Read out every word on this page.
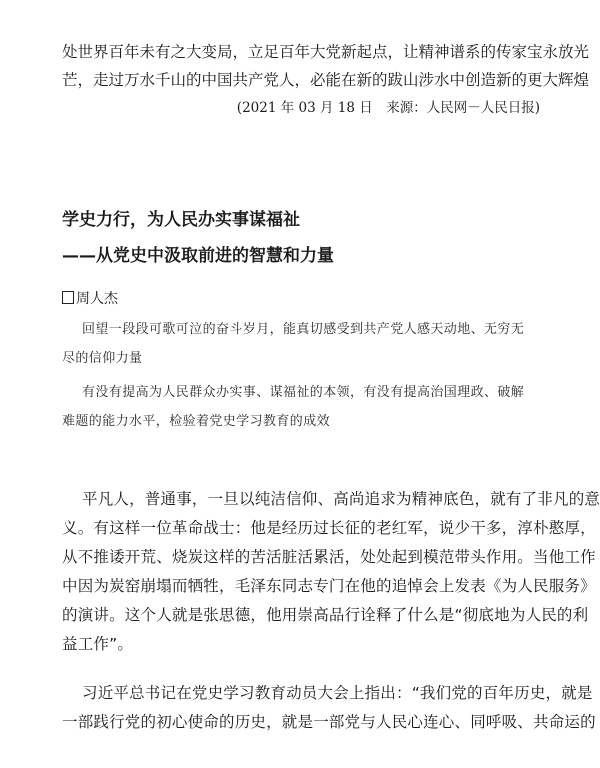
处世界百年未有之大变局，立足百年大党新起点，让精神谱系的传家宝永放光
芒，走过万水千山的中国共产党人，必能在新的跋山涉水中创造新的更大辉煌
(2021 年 03 月 18 日　来源：人民网－人民日报)
学史力行，为人民办实事谋福祉
——从党史中汲取前进的智慧和力量
周人杰
回望一段段可歌可泣的奋斗岁月，能真切感受到共产党人感天动地、无穷无
尽的信仰力量
有没有提高为人民群众办实事、谋福祉的本领，有没有提高治国理政、破解
难题的能力水平，检验着党史学习教育的成效
平凡人，普通事，一旦以纯洁信仰、高尚追求为精神底色，就有了非凡的意
义。有这样一位革命战士：他是经历过长征的老红军，说少干多，淳朴憨厚，
从不推诿开荒、烧炭这样的苦活脏活累活，处处起到模范带头作用。当他工作
中因为炭窑崩塌而牺牲，毛泽东同志专门在他的追悼会上发表《为人民服务》
的演讲。这个人就是张思德，他用崇高品行诠释了什么是“彻底地为人民的利
益工作”。
习近平总书记在党史学习教育动员大会上指出：“我们党的百年历史，就是
一部践行党的初心使命的历史，就是一部党与人民心连心、同呼吸、共命运的
